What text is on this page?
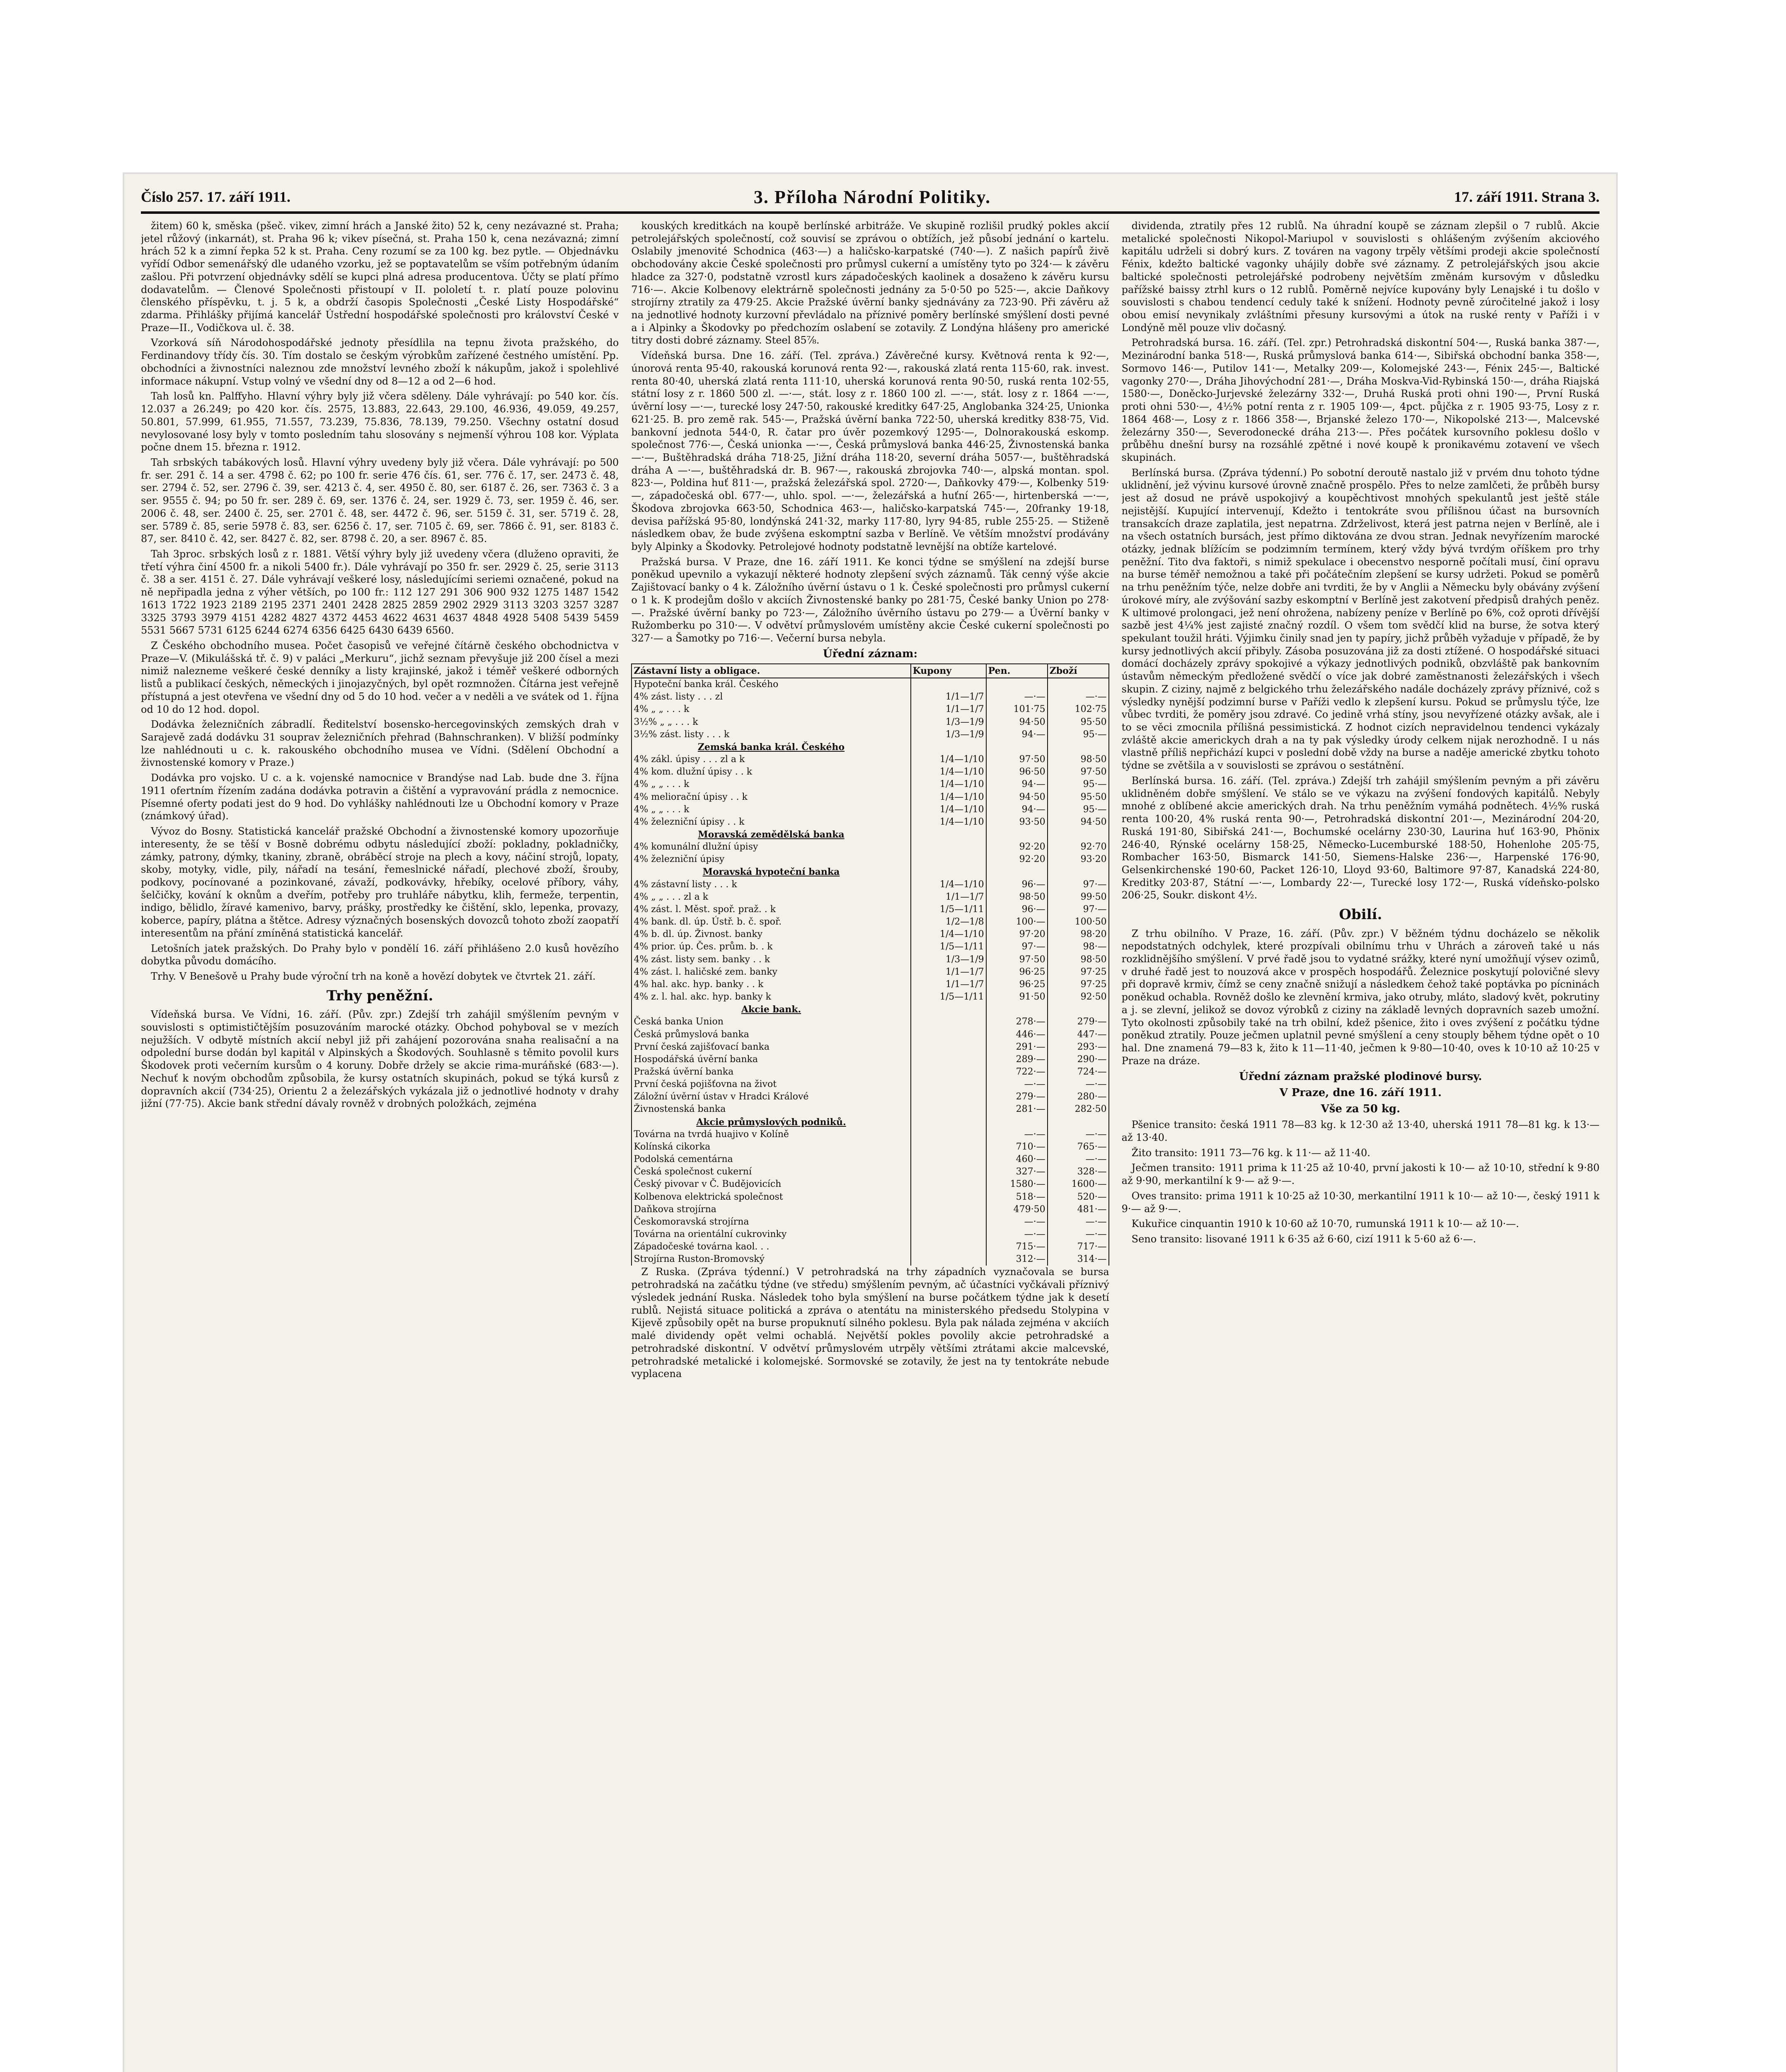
Číslo 257. 17. září 1911.	3. Příloha Národní Politiky.	17. září 1911. Strana 3.

žitem) 60 k, směska (pšeč. vikev, zimní hrách a Janské žito) 52 k, ceny nezávazné st. Praha; jetel růžový (inkarnát), st. Praha 96 k; vikev písečná, st. Praha 150 k, cena nezávazná; zimní hrách 52 k a zimní řepka 52 k st. Praha. Ceny rozumí se za 100 kg. bez pytle. — Objednávku vyřídí Odbor semenářský dle udaného vzorku, jež se poptavatelům se vším potřebným údaním zašlou. Při potvrzení objednávky sdělí se kupci plná adresa producentova. Účty se platí přímo dodavatelům. — Členové Společnosti přistoupí v II. pololetí t. r. platí pouze polovinu členského příspěvku, t. j. 5 k, a obdrží časopis Společnosti „České Listy Hospodářské“ zdarma. Přihlášky přijímá kancelář Ústřední hospodářské společnosti pro království České v Praze—II., Vodičkova ul. č. 38.

Vzorková síň Národohospodářské jednoty přesídlila na tepnu života pražského, do Ferdinandovy třídy čís. 30. Tím dostalo se českým výrobkům zařízené čestného umístění. Pp. obchodníci a živnostníci naleznou zde množství levného zboží k nákupům, jakož i spolehlivé informace nákupní. Vstup volný ve všední dny od 8—12 a od 2—6 hod.

Tah losů kn. Palffyho. Hlavní výhry byly již včera sděleny. Dále vyhrávají: po 540 kor. čís. 12.037 a 26.249; po 420 kor. čís. 2575, 13.883, 22.643, 29.100, 46.936, 49.059, 49.257, 50.801, 57.999, 61.955, 71.557, 73.239, 75.836, 78.139, 79.250. Všechny ostatní dosud nevylosované losy byly v tomto posledním tahu slosovány s nejmenší výhrou 108 kor. Výplata počne dnem 15. března r. 1912.

Tah srbských tabákových losů. Hlavní výhry uvedeny byly již včera. Dále vyhrávají: po 500 fr. ser. 291 č. 14 a ser. 4798 č. 62; po 100 fr. serie 476 čís. 61, ser. 776 č. 17, ser. 2473 č. 48, ser. 2794 č. 52, ser. 2796 č. 39, ser. 4213 č. 4, ser. 4950 č. 80, ser. 6187 č. 26, ser. 7363 č. 3 a ser. 9555 č. 94; po 50 fr. ser. 289 č. 69, ser. 1376 č. 24, ser. 1929 č. 73, ser. 1959 č. 46, ser. 2006 č. 48, ser. 2400 č. 25, ser. 2701 č. 48, ser. 4472 č. 96, ser. 5159 č. 31, ser. 5719 č. 28, ser. 5789 č. 85, serie 5978 č. 83, ser. 6256 č. 17, ser. 7105 č. 69, ser. 7866 č. 91, ser. 8183 č. 87, ser. 8410 č. 42, ser. 8427 č. 82, ser. 8798 č. 20, a ser. 8967 č. 85.

Tah 3proc. srbských losů z r. 1881. Větší výhry byly již uvedeny včera (dluženo opraviti, že třetí výhra činí 4500 fr. a nikoli 5400 fr.). Dále vyhrávají po 350 fr. ser. 2929 č. 25, serie 3113 č. 38 a ser. 4151 č. 27. Dále vyhrávají veškeré losy, následujícími seriemi označené, pokud na ně nepřipadla jedna z výher větších, po 100 fr.: 112 127 291 306 900 932 1275 1487 1542 1613 1722 1923 2189 2195 2371 2401 2428 2825 2859 2902 2929 3113 3203 3257 3287 3325 3793 3979 4151 4282 4827 4372 4453 4622 4631 4637 4848 4928 5408 5439 5459 5531 5667 5731 6125 6244 6274 6356 6425 6430 6439 6560.

Z Českého obchodního musea. Počet časopisů ve veřejné čítárně českého obchodnictva v Praze—V. (Mikulášská tř. č. 9) v paláci „Merkuru“, jichž seznam převyšuje již 200 čísel a mezi nimiž nalezneme veškeré české denníky a listy krajinské, jakož i téměř veškeré odborných listů a publikací českých, německých i jinojazyčných, byl opět rozmnožen. Čítárna jest veřejně přístupná a jest otevřena ve všední dny od 5 do 10 hod. večer a v neděli a ve svátek od 1. října od 10 do 12 hod. dopol.

Dodávka železničních zábradlí. Ředitelství bosensko-hercegovinských zemských drah v Sarajevě zadá dodávku 31 souprav železničních přehrad (Bahnschranken). V bližší podmínky lze nahlédnouti u c. k. rakouského obchodního musea ve Vídni. (Sdělení Obchodní a živnostenské komory v Praze.)

Dodávka pro vojsko. U c. a k. vojenské namocnice v Brandýse nad Lab. bude dne 3. října 1911 ofertním řízením zadána dodávka potravin a čištění a vypravování prádla z nemocnice. Písemné oferty podati jest do 9 hod. Do vyhlášky nahlédnouti lze u Obchodní komory v Praze (známkový úřad).

Vývoz do Bosny. Statistická kancelář pražské Obchodní a živnostenské komory upozorňuje interesenty, že se těší v Bosně dobrému odbytu následující zboží: pokladny, pokladničky, zámky, patrony, dýmky, tkaniny, zbraně, obráběcí stroje na plech a kovy, náčiní strojů, lopaty, skoby, motyky, vidle, pily, nářadí na tesání, řemeslnické nářadí, plechové zboží, šrouby, podkovy, pocínované a pozinkované, závaží, podkovávky, hřebíky, ocelové příbory, váhy, šelčičky, kování k oknům a dveřím, potřeby pro truhláře nábytku, klih, fermeže, terpentin, indigo, bělidlo, žíravé kamenivo, barvy, prášky, prostředky ke čištění, sklo, lepenka, provazy, koberce, papíry, plátna a štětce. Adresy význačných bosenských dovozců tohoto zboží zaopatří interesentům na přání zmíněná statistická kancelář.

Letošních jatek pražských. Do Prahy bylo v pondělí 16. září přihlášeno 2.0 kusů hovězího dobytka původu domácího.

Trhy. V Benešově u Prahy bude výroční trh na koně a hovězí dobytek ve čtvrtek 21. září.

Trhy peněžní.

Vídeňská bursa. Ve Vídni, 16. září. (Pův. zpr.) Zdejší trh zahájil smýšlením pevným v souvislosti s optimističtějším posuzováním marocké otázky. Obchod pohyboval se v mezích nejužších. V odbytě místních akcií nebyl již při zahájení pozorována snaha realisační a na odpolední burse dodán byl kapitál v Alpinských a Škodových. Souhlasně s těmito povolil kurs Škodovek proti večerním kursům o 4 koruny. Dobře držely se akcie rima-muráňské (683·—). Nechuť k novým obchodům způsobila, že kursy ostatních skupinách, pokud se týká kursů z dopravních akcií (734·25), Orientu 2 a železářských vykázala již o jednotlivé hodnoty v drahy jižní (77·75). Akcie bank střední dávaly rovněž v drobných položkách, zejména

kouských kreditkách na koupě berlínské arbitráže. Ve skupině rozlišil prudký pokles akcií petrolejářských společností, což souvisí se zprávou o obtížích, jež působí jednání o kartelu. Oslabily jmenovité Schodnica (463·—) a haličsko-karpatské (740·—). Z našich papírů živě obchodovány akcie České společnosti pro průmysl cukerní a umístěny tyto po 324·— k závěru hladce za 327·0, podstatně vzrostl kurs západočeských kaolinek a dosaženo k závěru kursu 716·—. Akcie Kolbenovy elektrárně společnosti jednány za 5·0·50 po 525·—, akcie Daňkovy strojírny ztratily za 479·25. Akcie Pražské úvěrní banky sjednávány za 723·90. Při závěru až na jednotlivé hodnoty kurzovní převládalo na příznivé poměry berlínské smýšlení dosti pevné a i Alpinky a Škodovky po předchozím oslabení se zotavily. Z Londýna hlášeny pro americké titry dosti dobré záznamy. Steel 85⅞.

Vídeňská bursa. Dne 16. září. (Tel. zpráva.) Závěrečné kursy. Květnová renta k 92·—, únorová renta 95·40, rakouská korunová renta 92·—, rakouská zlatá renta 115·60, rak. invest. renta 80·40, uherská zlatá renta 111·10, uherská korunová renta 90·50, ruská renta 102·55, státní losy z r. 1860 500 zl. —·—, stát. losy z r. 1860 100 zl. —·—, stát. losy z r. 1864 —·—, úvěrní losy —·—, turecké losy 247·50, rakouské kreditky 647·25, Anglobanka 324·25, Unionka 621·25. B. pro země rak. 545·—, Pražská úvěrní banka 722·50, uherská kreditky 838·75, Vid. bankovní jednota 544·0, R. čatar pro úvěr pozemkový 1295·—, Dolnorakouská eskomp. společnost 776·—, Česká unionka —·—, Česká průmyslová banka 446·25, Živnostenská banka —·—, Buštěhradská dráha 718·25, Jižní dráha 118·20, severní dráha 5057·—, buštěhradská dráha A —·—, buštěhradská dr. B. 967·—, rakouská zbrojovka 740·—, alpská montan. spol. 823·—, Poldina huť 811·—, pražská železářská spol. 2720·—, Daňkovky 479·—, Kolbenky 519·—, západočeská obl. 677·—, uhlo. spol. —·—, železářská a huťní 265·—, hirtenberská —·—, Škodova zbrojovka 663·50, Schodnica 463·—, haličsko-karpatská 745·—, 20franky 19·18, devisa pařížská 95·80, londýnská 241·32, marky 117·80, lyry 94·85, ruble 255·25. — Stiženě následkem obav, že bude zvýšena eskomptní sazba v Berlíně. Ve větším množství prodávány byly Alpinky a Škodovky. Petrolejové hodnoty podstatně levnější na obtíže kartelové.

Pražská bursa. V Praze, dne 16. září 1911. Ke konci týdne se smýšlení na zdejší burse poněkud upevnilo a vykazují některé hodnoty zlepšení svých záznamů. Ták cenný výše akcie Zajištovací banky o 4 k. Záložního úvěrní ústavu o 1 k. České společnosti pro průmysl cukerní o 1 k. K prodejům došlo v akciích Živnostenské banky po 281·75, České banky Union po 278·—. Pražské úvěrní banky po 723·—, Záložního úvěrního ústavu po 279·— a Úvěrní banky v Ružomberku po 310·—. V odvětví průmyslovém umístěny akcie České cukerní společnosti po 327·— a Šamotky po 716·—. Večerní bursa nebyla.

Úřední záznam:
Zástavní listy a obligace.	Kupony	Pen.	Zboží
Hypoteční banka král. Českého			
4% zást. listy . . . zl	1/1—1/7	—·—	—·—
4% „ „ . . . k	1/1—1/7	101·75	102·75
3½% „ „ . . . k	1/3—1/9	94·50	95·50
3½% zást. listy . . . k	1/3—1/9	94·—	95·—
Zemská banka král. Českého			
4% zákl. úpisy . . . zl a k	1/4—1/10	97·50	98·50
4% kom. dlužní úpisy . . k	1/4—1/10	96·50	97·50
4% „ „ . . . k	1/4—1/10	94·—	95·—
4% meliorační úpisy . . k	1/4—1/10	94·50	95·50
4% „ „ . . . k	1/4—1/10	94·—	95·—
4% železniční úpisy . . k	1/4—1/10	93·50	94·50
Moravská zemědělská banka			
4% komunální dlužní úpisy		92·20	92·70
4% železniční úpisy		92·20	93·20
Moravská hypoteční banka			
4% zástavní listy . . . k	1/4—1/10	96·—	97·—
4% „ „ . . . zl a k	1/1—1/7	98·50	99·50
4% zást. l. Měst. spoř. praž. . k	1/5—1/11	96·—	97·—
4% bank. dl. úp. Ústř. b. č. spoř.	1/2—1/8	100·—	100·50
4% b. dl. úp. Živnost. banky	1/4—1/10	97·20	98·20
4% prior. úp. Čes. prům. b. . k	1/5—1/11	97·—	98·—
4% zást. listy sem. banky . . k	1/3—1/9	97·50	98·50
4% zást. l. haličské zem. banky	1/1—1/7	96·25	97·25
4% hal. akc. hyp. banky . . k	1/1—1/7	96·25	97·25
4% z. l. hal. akc. hyp. banky k	1/5—1/11	91·50	92·50
Akcie bank.			
Česká banka Union		278·—	279·—
Česká průmyslová banka		446·—	447·—
První česká zajišťovací banka		291·—	293·—
Hospodářská úvěrní banka		289·—	290·—
Pražská úvěrní banka		722·—	724·—
První česká pojišťovna na život		—·—	—·—
Záložní úvěrní ústav v Hradci Králové		279·—	280·—
Živnostenská banka		281·—	282·50
Akcie průmyslových podniků.			
Továrna na tvrdá huajivo v Kolíně		—·—	—·—
Kolínská cikorka		710·—	765·—
Podolská cementárna		460·—	—·—
Česká společnost cukerní		327·—	328·—
Český pivovar v Č. Budějovicích		1580·—	1600·—
Kolbenova elektrická společnost		518·—	520·—
Daňkova strojírna		479·50	481·—
Českomoravská strojírna		—·—	—·—
Továrna na orientální cukrovinky		—·—	—·—
Západočeské továrna kaol. . .		715·—	717·—
Strojírna Ruston-Bromovský		312·—	314·—

Z Ruska. (Zpráva týdenní.) V petrohradská na trhy západních vyznačovala se bursa petrohradská na začátku týdne (ve středu) smýšlením pevným, ač účastníci vyčkávali příznivý výsledek jednání Ruska. Následek toho byla smýšlení na burse počátkem týdne jak k desetí rublů. Nejistá situace politická a zpráva o atentátu na ministerského předsedu Stolypina v Kijevě způsobily opět na burse propuknutí silného poklesu. Byla pak nálada zejména v akciích malé dividendy opět velmi ochablá. Největší pokles povolily akcie petrohradské a petrohradské diskontní. V odvětví průmyslovém utrpěly většími ztrátami akcie malcevské, petrohradské metalické i kolomejské. Sormovské se zotavily, že jest na ty tentokráte nebude vyplacena

dividenda, ztratily přes 12 rublů. Na úhradní koupě se záznam zlepšil o 7 rublů. Akcie metalické společnosti Nikopol-Mariupol v souvislosti s ohlášeným zvýšením akciového kapitálu udrželi si dobrý kurs. Z továren na vagony trpěly většími prodeji akcie společností Fénix, kdežto baltické vagonky uhájily dobře své záznamy. Z petrolejářských jsou akcie baltické společnosti petrolejářské podrobeny největším změnám kursovým v důsledku pařížské baissy ztrhl kurs o 12 rublů. Poměrně nejvíce kupovány byly Lenajské i tu došlo v souvislosti s chabou tendencí ceduly také k snížení. Hodnoty pevně zúročitelné jakož i losy obou emisí nevynikaly zvláštními přesuny kursovými a útok na ruské renty v Paříži i v Londýně měl pouze vliv dočasný.

Petrohradská bursa. 16. září. (Tel. zpr.) Petrohradská diskontní 504·—, Ruská banka 387·—, Mezinárodní banka 518·—, Ruská průmyslová banka 614·—, Sibiřská obchodní banka 358·—, Sormovo 146·—, Putilov 141·—, Metalky 209·—, Kolomejské 243·—, Fénix 245·—, Baltické vagonky 270·—, Dráha Jihovýchodní 281·—, Dráha Moskva-Vid-Rybinská 150·—, dráha Riajská 1580·—, Doněcko-Jurjevské železárny 332·—, Druhá Ruská proti ohni 190·—, První Ruská proti ohni 530·—, 4½% potní renta z r. 1905 109·—, 4pct. půjčka z r. 1905 93·75, Losy z r. 1864 468·—, Losy z r. 1866 358·—, Brjanské železo 170·—, Nikopolské 213·—, Malcevské železárny 350·—, Severodonecké dráha 213·—. Přes počátek kursovního poklesu došlo v průběhu dnešní bursy na rozsáhlé zpětné i nové koupě k pronikavému zotavení ve všech skupinách.

Berlínská bursa. (Zpráva týdenní.) Po sobotní deroutě nastalo již v prvém dnu tohoto týdne uklidnění, jež vývinu kursové úrovně značně prospělo. Přes to nelze zamlčeti, že průběh bursy jest až dosud ne právě uspokojivý a koupěchtivost mnohých spekulantů jest ještě stále nejistější. Kupující intervenují, Kdežto i tentokráte svou přílišnou účast na bursovních transakcích draze zaplatila, jest nepatrna. Zdrželivost, která jest patrna nejen v Berlíně, ale i na všech ostatních bursách, jest přímo diktována ze dvou stran. Jednak nevyřízením marocké otázky, jednak blížícím se podzimním termínem, který vždy bývá tvrdým oříškem pro trhy peněžní. Tito dva faktoři, s nimiž spekulace i obecenstvo nesporně počítali musí, činí opravu na burse téměř nemožnou a také při počátečním zlepšení se kursy udržeti. Pokud se poměrů na trhu peněžním týče, nelze dobře ani tvrditi, že by v Anglii a Německu byly obávány zvýšení úrokové míry, ale zvýšování sazby eskomptní v Berlíně jest zakotvení předpisů drahých peněz. K ultimové prolongaci, jež není ohrožena, nabízeny peníze v Berlíně po 6%, což oproti dřívější sazbě jest 4¼% jest zajisté značný rozdíl. O všem tom svědčí klid na burse, že sotva který spekulant toužil hráti. Výjimku činily snad jen ty papíry, jichž průběh vyžaduje v případě, že by kursy jednotlivých akcií přibyly. Zásoba posuzována již za dosti ztížené. O hospodářské situaci domácí docházely zprávy spokojivé a výkazy jednotlivých podniků, obzvláště pak bankovním ústavům německým předložené svědčí o více jak dobré zaměstnanosti železářských i všech skupin. Z ciziny, najmě z belgického trhu železářského nadále docházely zprávy příznivé, což s výsledky nynější podzimní burse v Paříži vedlo k zlepšení kursu. Pokud se průmyslu týče, lze vůbec tvrditi, že poměry jsou zdravé. Co jedině vrhá stíny, jsou nevyřízené otázky avšak, ale i to se věci zmocnila přílišná pessimistická. Z hodnot cizích nepravidelnou tendenci vykázaly zvláště akcie americkych drah a na ty pak výsledky úrody celkem nijak nerozhodně. I u nás vlastně příliš nepřichází kupci v poslední době vždy na burse a naděje americké zbytku tohoto týdne se zvětšila a v souvislosti se zprávou o sestátnění.

Berlínská bursa. 16. září. (Tel. zpráva.) Zdejší trh zahájil smýšlením pevným a při závěru uklidněném dobře smýšlení. Ve stálo se ve výkazu na zvýšení fondových kapitálů. Nebyly mnohé z oblíbené akcie amerických drah. Na trhu peněžním vymáhá podnětech. 4½% ruská renta 100·20, 4% ruská renta 90·—, Petrohradská diskontní 201·—, Mezinárodní 204·20, Ruská 191·80, Sibiřská 241·—, Bochumské ocelárny 230·30, Laurina huť 163·90, Phönix 246·40, Rýnské ocelárny 158·25, Německo-Lucemburské 188·50, Hohenlohe 205·75, Rombacher 163·50, Bismarck 141·50, Siemens-Halske 236·—, Harpenské 176·90, Gelsenkirchenské 190·60, Packet 126·10, Lloyd 93·60, Baltimore 97·87, Kanadská 224·80, Kreditky 203·87, Státní —·—, Lombardy 22·—, Turecké losy 172·—, Ruská vídeňsko-polsko 206·25, Soukr. diskont 4½.

Obilí.

Z trhu obilního. V Praze, 16. září. (Pův. zpr.) V běžném týdnu docházelo se několik nepodstatných odchylek, které prozpívali obilnímu trhu v Uhrách a zároveň také u nás rozklidnějšího smýšlení. V prvé řadě jsou to vydatné srážky, které nyní umožňují výsev ozimů, v druhé řadě jest to nouzová akce v prospěch hospodářů. Železnice poskytují polovičné slevy při dopravě krmiv, čímž se ceny značně snižují a následkem čehož také poptávka po pícninách poněkud ochabla. Rovněž došlo ke zlevnění krmiva, jako otruby, mláto, sladový květ, pokrutiny a j. se zlevní, jelikož se dovoz výrobků z ciziny na základě levných dopravních sazeb umožní. Tyto okolnosti způsobily také na trh obilní, kdež pšenice, žito i oves zvýšení z počátku týdne poněkud ztratily. Pouze ječmen uplatnil pevné smýšlení a ceny stouply během týdne opět o 10 hal. Dne znamená 79—83 k, žito k 11—11·40, ječmen k 9·80—10·40, oves k 10·10 až 10·25 v Praze na dráze.

Úřední záznam pražské plodinové bursy.
V Praze, dne 16. září 1911.
Vše za 50 kg.

Pšenice transito: česká 1911 78—83 kg. k 12·30 až 13·40, uherská 1911 78—81 kg. k 13·— až 13·40.

Žito transito: 1911 73—76 kg. k 11·— až 11·40.

Ječmen transito: 1911 prima k 11·25 až 10·40, první jakosti k 10·— až 10·10, střední k 9·80 až 9·90, merkantilní k 9·— až 9·—.

Oves transito: prima 1911 k 10·25 až 10·30, merkantilní 1911 k 10·— až 10·—, český 1911 k 9·— až 9·—.

Kukuřice cinquantin 1910 k 10·60 až 10·70, rumunská 1911 k 10·— až 10·—.

Seno transito: lisované 1911 k 6·35 až 6·60, cizí 1911 k 5·60 až 6·—.
